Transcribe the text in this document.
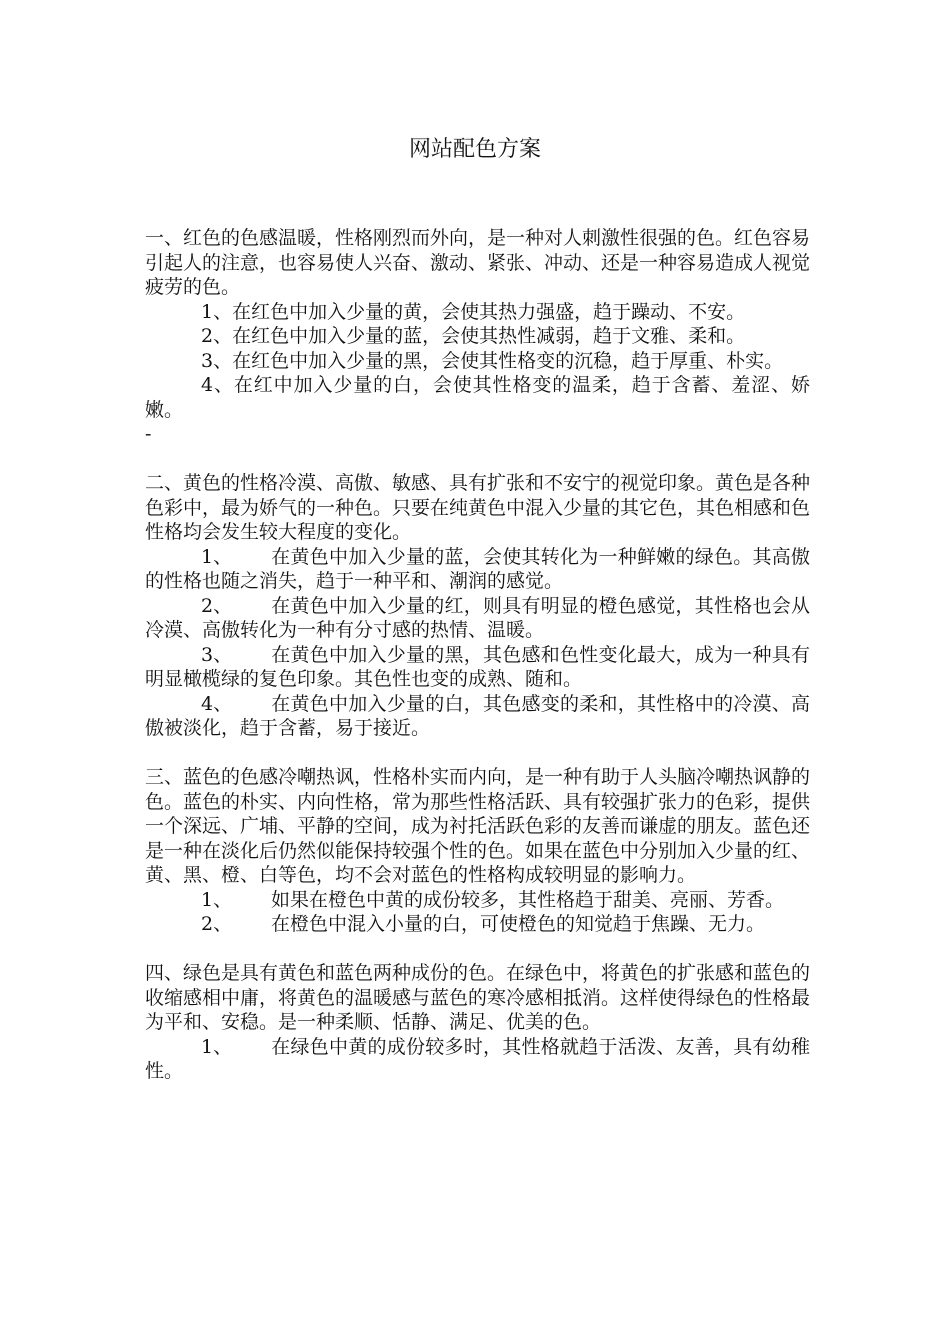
网站配色方案

一、红色的色感温暖，性格刚烈而外向，是一种对人刺激性很强的色。红色容易引起人的注意，也容易使人兴奋、激动、紧张、冲动、还是一种容易造成人视觉疲劳的色。

1、在红色中加入少量的黄，会使其热力强盛，趋于躁动、不安。

2、在红色中加入少量的蓝，会使其热性减弱，趋于文雅、柔和。

3、在红色中加入少量的黑，会使其性格变的沉稳，趋于厚重、朴实。

4、在红中加入少量的白，会使其性格变的温柔，趋于含蓄、羞涩、娇嫩。

-

二、黄色的性格冷漠、高傲、敏感、具有扩张和不安宁的视觉印象。黄色是各种色彩中，最为娇气的一种色。只要在纯黄色中混入少量的其它色，其色相感和色性格均会发生较大程度的变化。

1、 在黄色中加入少量的蓝，会使其转化为一种鲜嫩的绿色。其高傲的性格也随之消失，趋于一种平和、潮润的感觉。

2、 在黄色中加入少量的红，则具有明显的橙色感觉，其性格也会从冷漠、高傲转化为一种有分寸感的热情、温暖。

3、 在黄色中加入少量的黑，其色感和色性变化最大，成为一种具有明显橄榄绿的复色印象。其色性也变的成熟、随和。

4、 在黄色中加入少量的白，其色感变的柔和，其性格中的冷漠、高傲被淡化，趋于含蓄，易于接近。

三、蓝色的色感冷嘲热讽，性格朴实而内向，是一种有助于人头脑冷嘲热讽静的色。蓝色的朴实、内向性格，常为那些性格活跃、具有较强扩张力的色彩，提供一个深远、广埔、平静的空间，成为衬托活跃色彩的友善而谦虚的朋友。蓝色还是一种在淡化后仍然似能保持较强个性的色。如果在蓝色中分别加入少量的红、黄、黑、橙、白等色，均不会对蓝色的性格构成较明显的影响力。

1、 如果在橙色中黄的成份较多，其性格趋于甜美、亮丽、芳香。

2、 在橙色中混入小量的白，可使橙色的知觉趋于焦躁、无力。

四、绿色是具有黄色和蓝色两种成份的色。在绿色中，将黄色的扩张感和蓝色的收缩感相中庸，将黄色的温暖感与蓝色的寒冷感相抵消。这样使得绿色的性格最为平和、安稳。是一种柔顺、恬静、满足、优美的色。

1、 在绿色中黄的成份较多时，其性格就趋于活泼、友善，具有幼稚性。
